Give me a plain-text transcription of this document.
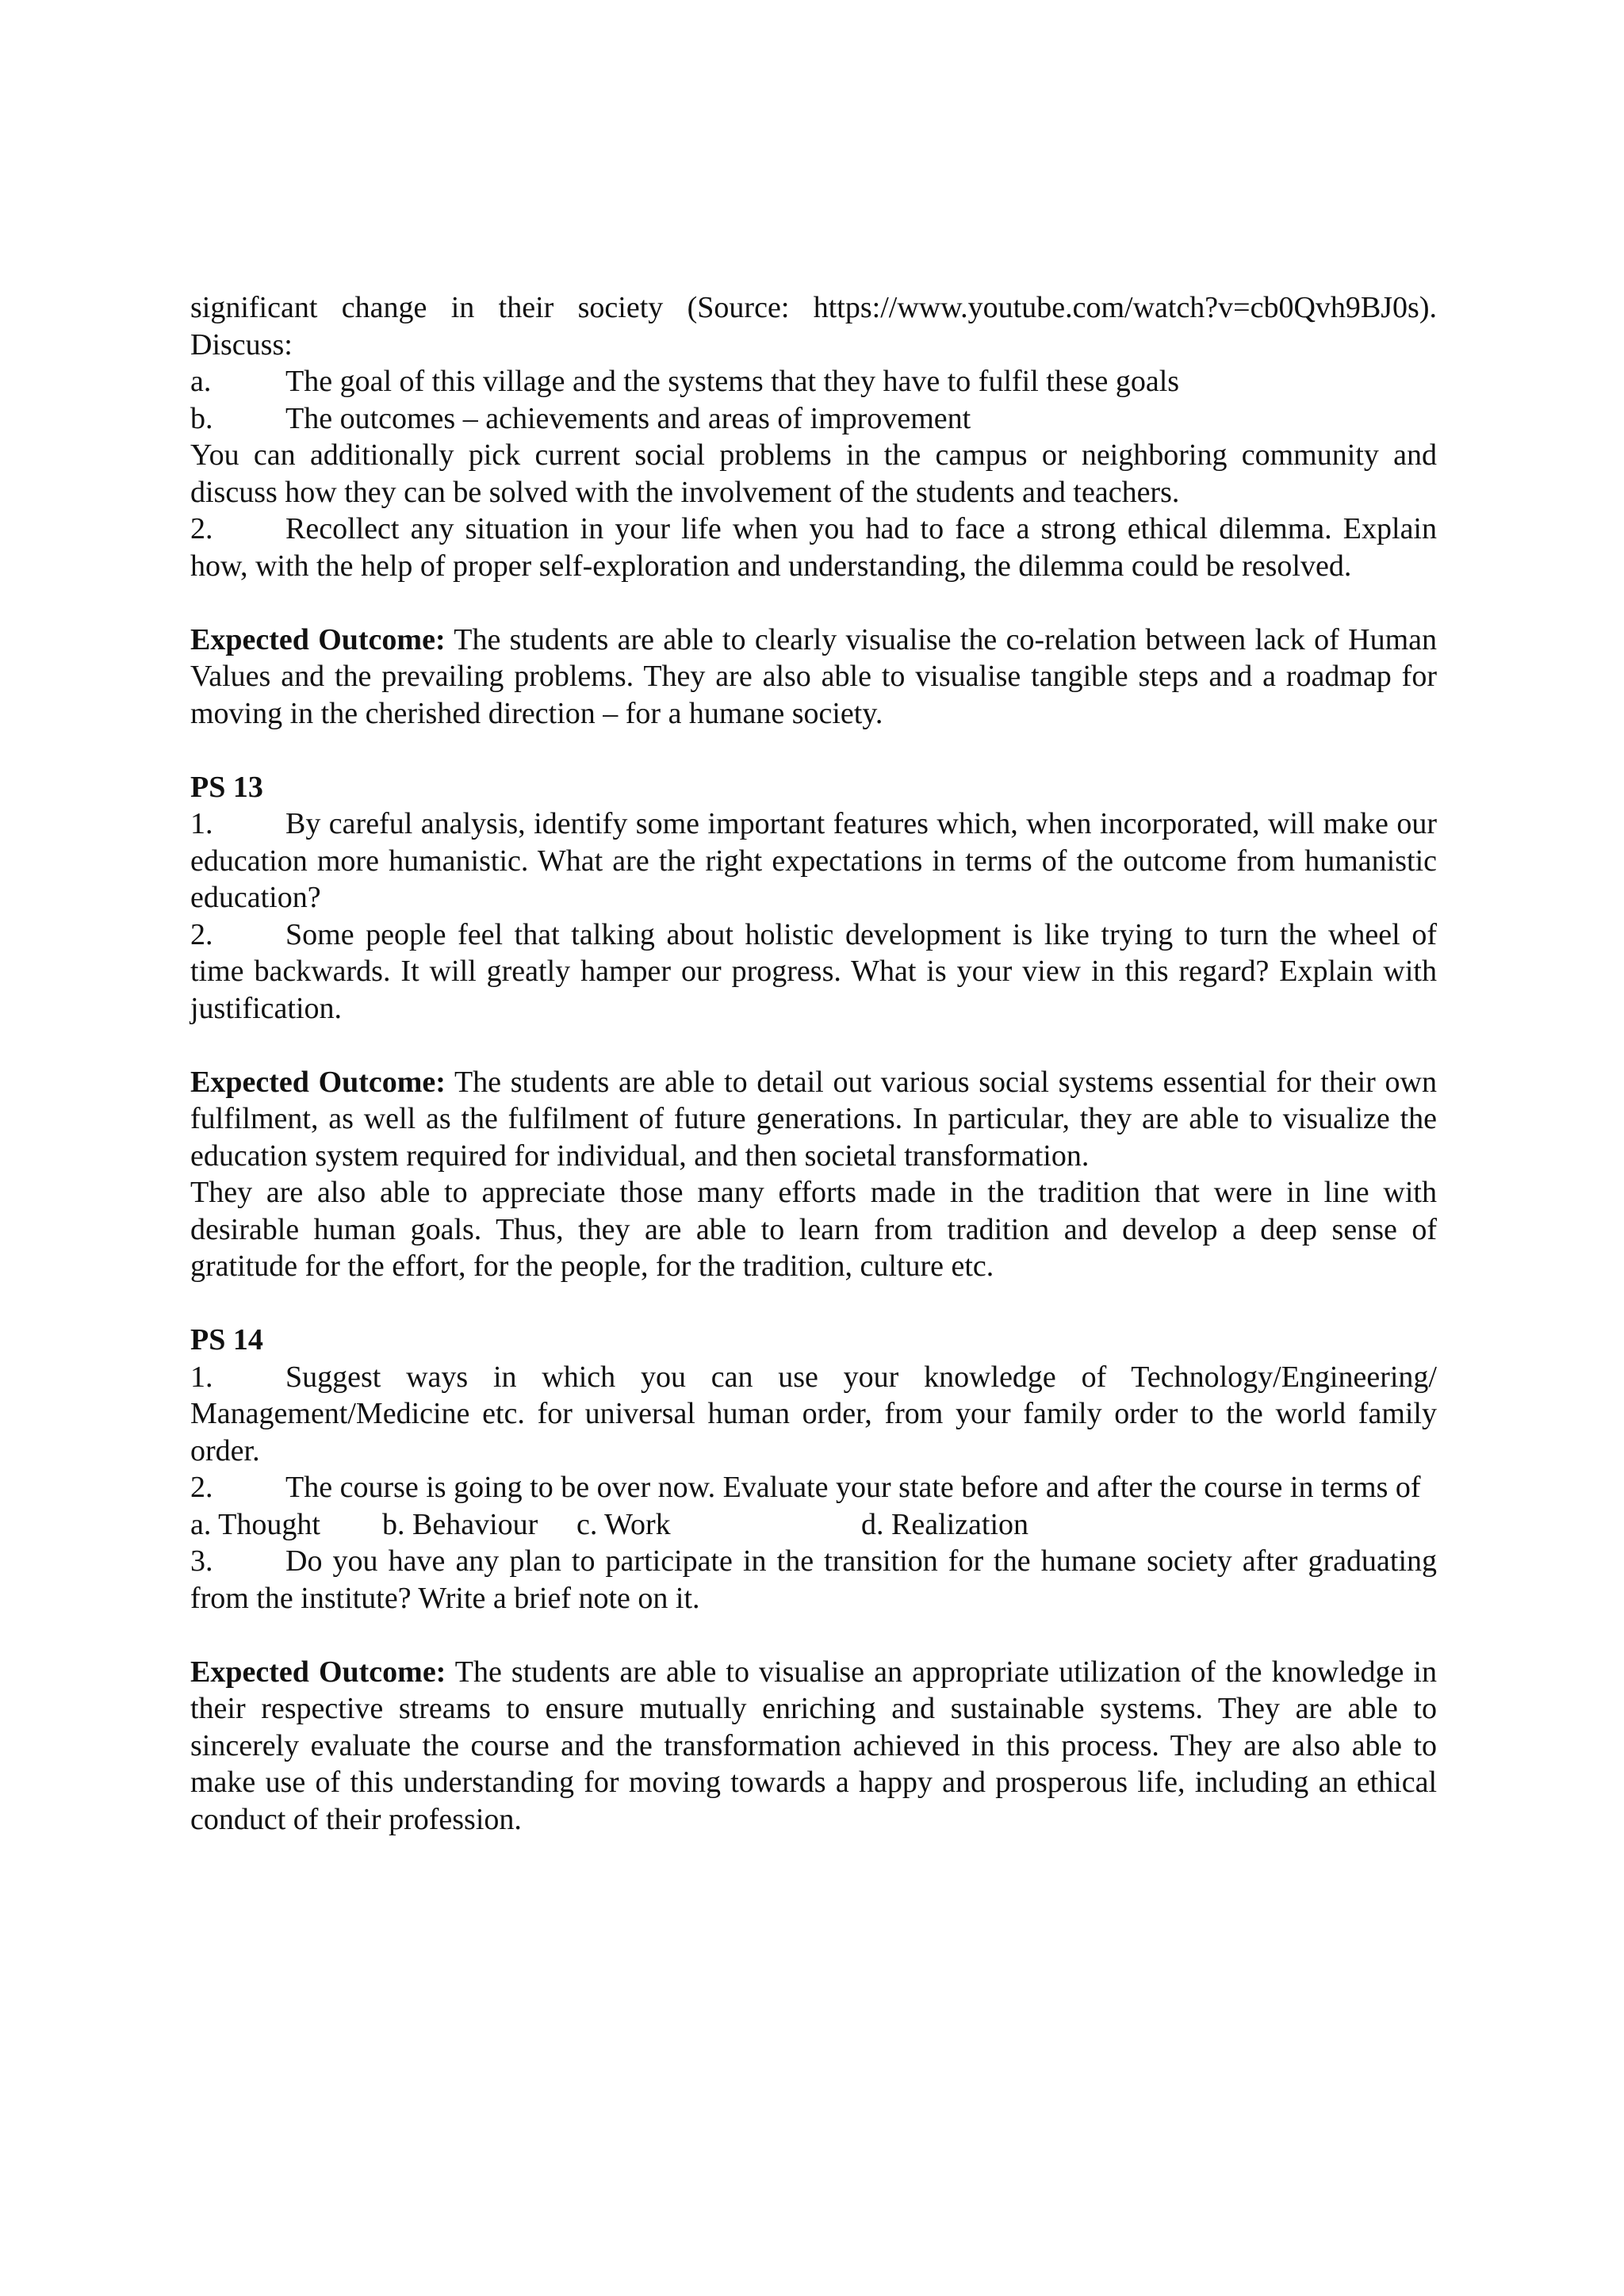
significant change in their society (Source: https://www.youtube.com/watch?v=cb0Qvh9BJ0s).

Discuss:

a.	The goal of this village and the systems that they have to fulfil these goals
b.	The outcomes – achievements and areas of improvement

You can additionally pick current social problems in the campus or neighboring community and discuss how they can be solved with the involvement of the students and teachers.

2. Recollect any situation in your life when you had to face a strong ethical dilemma. Explain how, with the help of proper self-exploration and understanding, the dilemma could be resolved.

Expected Outcome: The students are able to clearly visualise the co-relation between lack of Human Values and the prevailing problems. They are also able to visualise tangible steps and a roadmap for moving in the cherished direction – for a humane society.

PS 13

1. By careful analysis, identify some important features which, when incorporated, will make our education more humanistic. What are the right expectations in terms of the outcome from humanistic education?

2. Some people feel that talking about holistic development is like trying to turn the wheel of time backwards. It will greatly hamper our progress. What is your view in this regard? Explain with justification.

Expected Outcome: The students are able to detail out various social systems essential for their own fulfilment, as well as the fulfilment of future generations. In particular, they are able to visualize the education system required for individual, and then societal transformation.

They are also able to appreciate those many efforts made in the tradition that were in line with desirable human goals. Thus, they are able to learn from tradition and develop a deep sense of gratitude for the effort, for the people, for the tradition, culture etc.

PS 14

1. Suggest ways in which you can use your knowledge of Technology/Engineering/ Management/Medicine etc. for universal human order, from your family order to the world family order.

2. The course is going to be over now. Evaluate your state before and after the course in terms of

a. Thought b. Behaviour c. Work	d. Realization

3. Do you have any plan to participate in the transition for the humane society after graduating from the institute? Write a brief note on it.

Expected Outcome: The students are able to visualise an appropriate utilization of the knowledge in their respective streams to ensure mutually enriching and sustainable systems. They are able to sincerely evaluate the course and the transformation achieved in this process. They are also able to make use of this understanding for moving towards a happy and prosperous life, including an ethical conduct of their profession.
